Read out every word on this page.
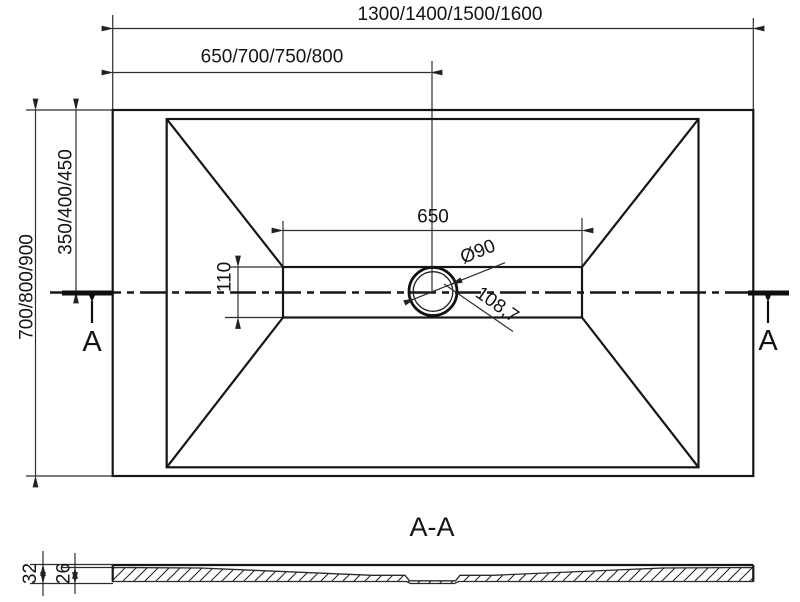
1300/1400/1500/1600
650/700/750/800
700/800/900
350/400/450	650
110
Ø90
108,7
A	A
A-A
32 26
